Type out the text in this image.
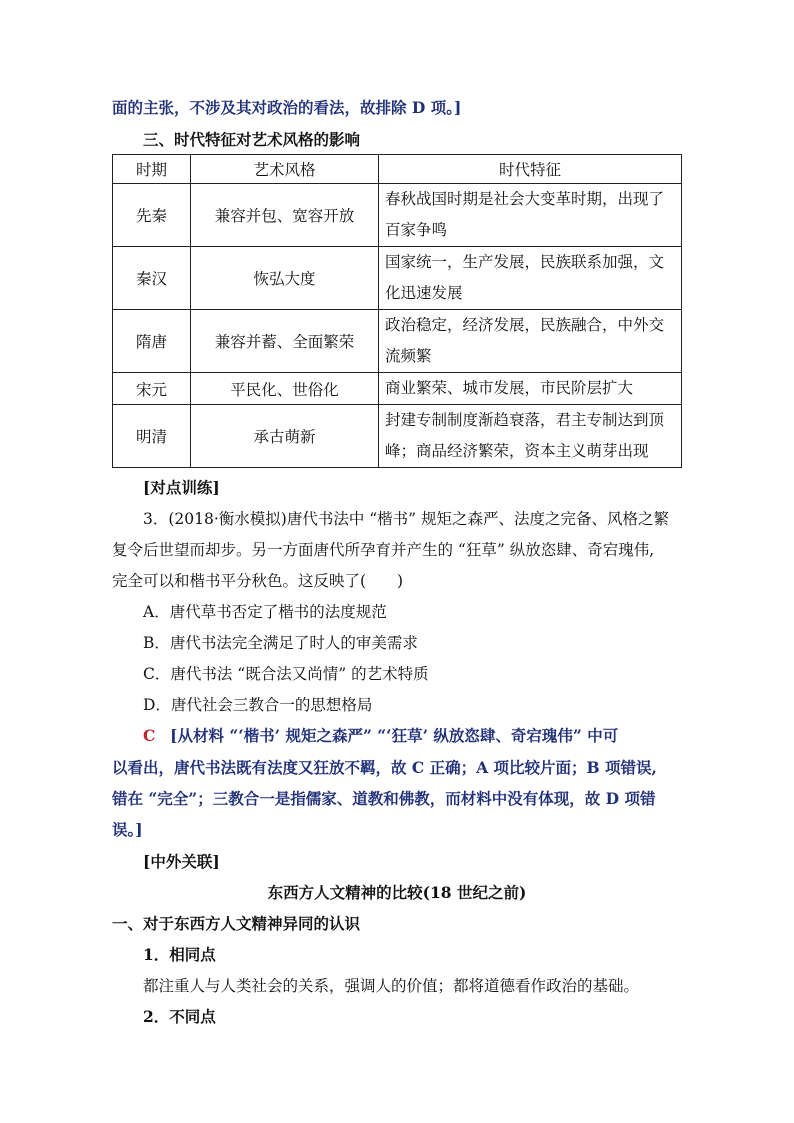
面的主张，不涉及其对政治的看法，故排除 D 项。]
三、时代特征对艺术风格的影响
时期	艺术风格	时代特征
先秦	兼容并包、宽容开放	春秋战国时期是社会大变革时期，出现了
百家争鸣

秦汉	恢弘大度	国家统一，生产发展，民族联系加强，文
化迅速发展

隋唐	兼容并蓄、全面繁荣	政治稳定，经济发展，民族融合，中外交
流频繁

宋元	平民化、世俗化	商业繁荣、城市发展，市民阶层扩大

明清	承古萌新	封建专制制度渐趋衰落，君主专制达到顶
峰；商品经济繁荣，资本主义萌芽出现
[对点训练]
3．(2018·衡水模拟)唐代书法中 “楷书” 规矩之森严、法度之完备、风格之繁
复令后世望而却步。另一方面唐代所孕育并产生的 “狂草” 纵放恣肆、奇宕瑰伟,
完全可以和楷书平分秋色。这反映了(　　)
A．唐代草书否定了楷书的法度规范
B．唐代书法完全满足了时人的审美需求
C．唐代书法 “既合法又尚情” 的艺术特质
D．唐代社会三教合一的思想格局
C [从材料 “‘楷书’ 规矩之森严” “‘狂草’ 纵放恣肆、奇宕瑰伟” 中可
以看出，唐代书法既有法度又狂放不羁，故 C 正确；A 项比较片面；B 项错误,
错在 “完全”；三教合一是指儒家、道教和佛教，而材料中没有体现，故 D 项错
误。]
[中外关联]
东西方人文精神的比较(18 世纪之前)
一、对于东西方人文精神异同的认识
1．相同点
都注重人与人类社会的关系，强调人的价值；都将道德看作政治的基础。
2．不同点
